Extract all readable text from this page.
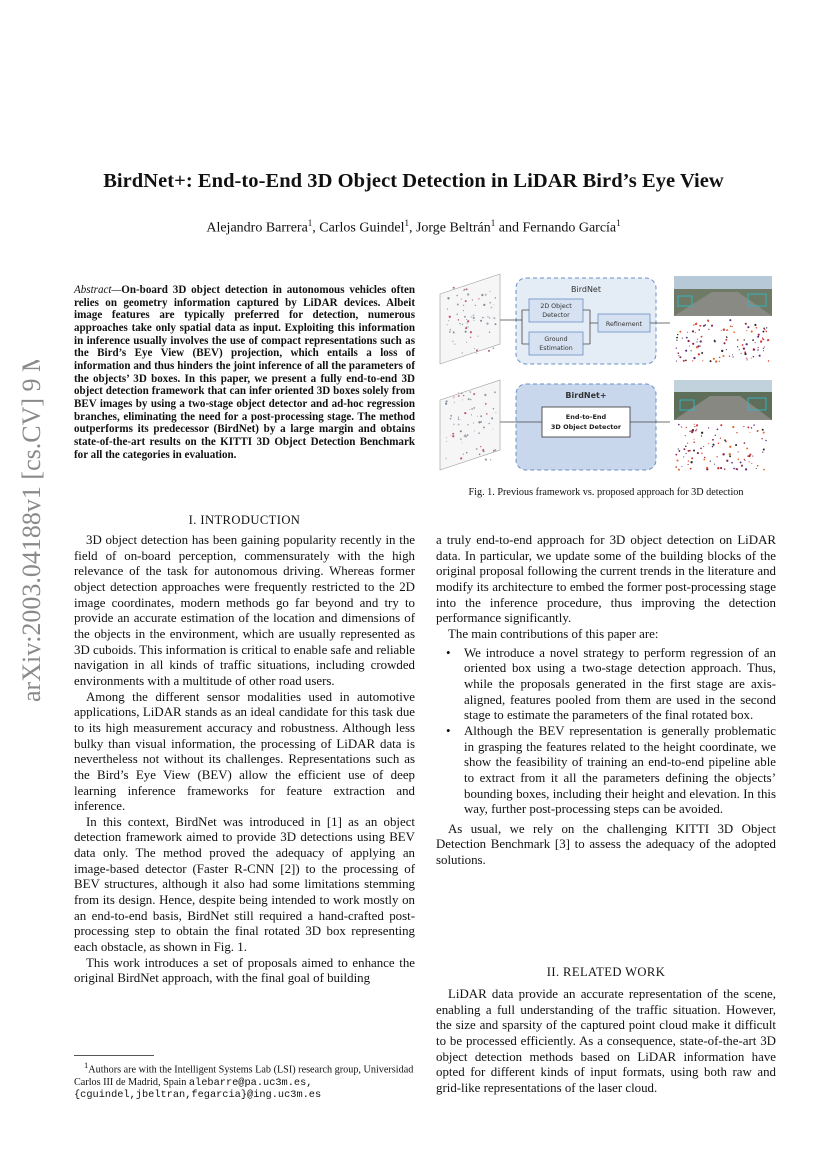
arXiv:2003.04188v1 [cs.CV] 9 Mar 2020
BirdNet+: End-to-End 3D Object Detection in LiDAR Bird’s Eye View
Alejandro Barrera$^1$, Carlos Guindel$^1$, Jorge Beltrán$^1$ and Fernando García$^1$
Abstract—On-board 3D object detection in autonomous vehicles often relies on geometry information captured by LiDAR devices. Albeit image features are typically preferred for detection, numerous approaches take only spatial data as input. Exploiting this information in inference usually involves the use of compact representations such as the Bird’s Eye View (BEV) projection, which entails a loss of information and thus hinders the joint inference of all the parameters of the objects’ 3D boxes. In this paper, we present a fully end-to-end 3D object detection framework that can infer oriented 3D boxes solely from BEV images by using a two-stage object detector and ad-hoc regression branches, eliminating the need for a post-processing stage. The method outperforms its predecessor (BirdNet) by a large margin and obtains state-of-the-art results on the KITTI 3D Object Detection Benchmark for all the categories in evaluation.
I. INTRODUCTION

3D object detection has been gaining popularity recently in the field of on-board perception, commensurately with the high relevance of the task for autonomous driving. Whereas former object detection approaches were frequently restricted to the 2D image coordinates, modern methods go far beyond and try to provide an accurate estimation of the location and dimensions of the objects in the environment, which are usually represented as 3D cuboids. This information is critical to enable safe and reliable navigation in all kinds of traffic situations, including crowded environments with a multitude of other road users.

Among the different sensor modalities used in automotive applications, LiDAR stands as an ideal candidate for this task due to its high measurement accuracy and robustness. Although less bulky than visual information, the processing of LiDAR data is nevertheless not without its challenges. Representations such as the Bird’s Eye View (BEV) allow the efficient use of deep learning inference frameworks for feature extraction and inference.

In this context, BirdNet was introduced in [1] as an object detection framework aimed to provide 3D detections using BEV data only. The method proved the adequacy of applying an image-based detector (Faster R-CNN [2]) to the processing of BEV structures, although it also had some limitations stemming from its design. Hence, despite being intended to work mostly on an end-to-end basis, BirdNet still required a hand-crafted post-processing step to obtain the final rotated 3D box representing each obstacle, as shown in Fig. 1.

This work introduces a set of proposals aimed to enhance the original BirdNet approach, with the final goal of building

$^1$Authors are with the Intelligent Systems Lab (LSI) research group, Universidad Carlos III de Madrid, Spain alebarre@pa.uc3m.es, {cguindel,jbeltran,fegarcia}@ing.uc3m.es
BirdNet
2D Object
Detector
Ground
Estimation
Refinement
BirdNet+
End-to-End
3D Object Detector
Fig. 1. Previous framework vs. proposed approach for 3D detection

a truly end-to-end approach for 3D object detection on LiDAR data. In particular, we update some of the building blocks of the original proposal following the current trends in the literature and modify its architecture to embed the former post-processing stage into the inference procedure, thus improving the detection performance significantly.

The main contributions of this paper are:

• We introduce a novel strategy to perform regression of an oriented box using a two-stage detection approach. Thus, while the proposals generated in the first stage are axis-aligned, features pooled from them are used in the second stage to estimate the parameters of the final rotated box.
• Although the BEV representation is generally problematic in grasping the features related to the height coordinate, we show the feasibility of training an end-to-end pipeline able to extract from it all the parameters defining the objects’ bounding boxes, including their height and elevation. In this way, further post-processing steps can be avoided.

As usual, we rely on the challenging KITTI 3D Object Detection Benchmark [3] to assess the adequacy of the adopted solutions.

II. RELATED WORK

LiDAR data provide an accurate representation of the scene, enabling a full understanding of the traffic situation. However, the size and sparsity of the captured point cloud make it difficult to be processed efficiently. As a consequence, state-of-the-art 3D object detection methods based on LiDAR information have opted for different kinds of input formats, using both raw and grid-like representations of the laser cloud.
